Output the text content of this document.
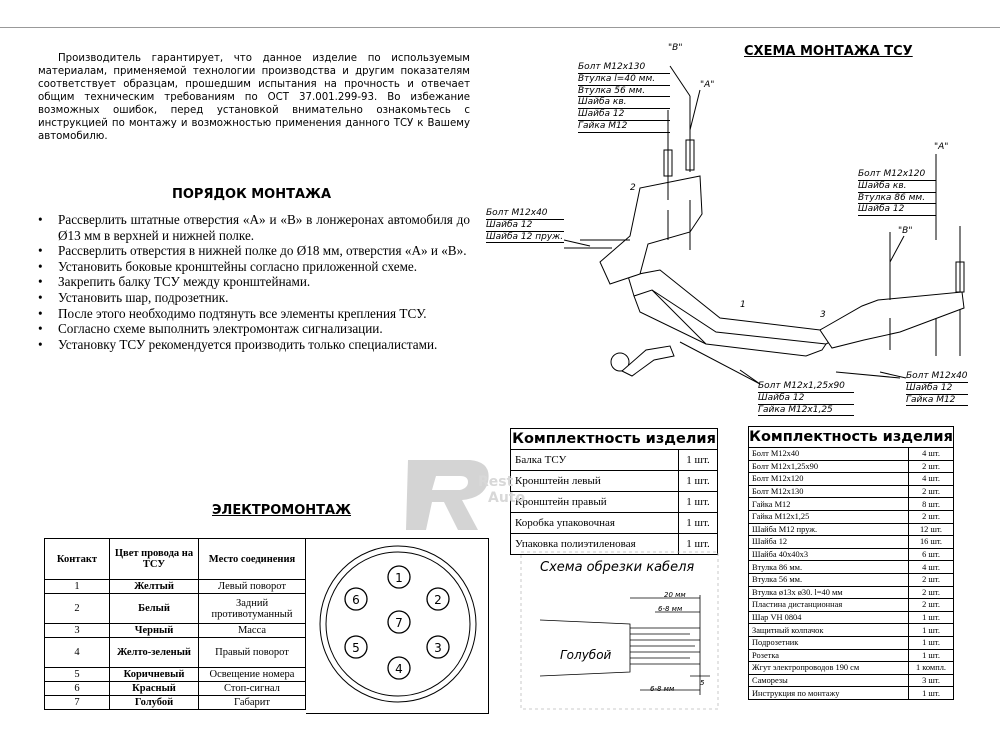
Производитель гарантирует, что данное изделие по используемым материалам, применяемой технологии производства и другим показателям соответствует образцам, прошедшим испытания на прочность и отвечает общим техническим требованиям по ОСТ 37.001.299-93. Во избежание возможных ошибок, перед установкой внимательно ознакомьтесь с инструкцией по монтажу и возможностью применения данного ТСУ к Вашему автомобилю.

ПОРЯДОК МОНТАЖА
• Рассверлить штатные отверстия «А» и «В» в лонжеронах автомобиля до Ø13 мм в верхней и нижней полке.
• Рассверлить отверстия в нижней полке до Ø18 мм, отверстия «А» и «В».
• Установить боковые кронштейны согласно приложенной схеме.
• Закрепить балку ТСУ между кронштейнами.
• Установить шар, подрозетник.
• После этого необходимо подтянуть все элементы крепления ТСУ.
• Согласно схеме выполнить электромонтаж сигнализации.
• Установку ТСУ рекомендуется производить только специалистами.
ЭЛЕКТРОМОНТАЖ
Контакт	Цвет провода на ТСУ	Место соединения
1	Желтый	Левый поворот
2	Белый	Задний противотуманный
3	Черный	Масса
4	Желто-зеленый	Правый поворот
5	Коричневый	Освещение номера
6	Красный	Стоп-сигнал
7	Голубой	Габарит
Комплектность изделия
Балка ТСУ	1 шт.
Кронштейн левый	1 шт.
Кронштейн правый	1 шт.
Коробка упаковочная	1 шт.
Упаковка полиэтиленовая	1 шт.
Комплектность изделия
Болт М12х40	4 шт.
Болт М12х1,25х90	2 шт.
Болт М12х120	4 шт.
Болт М12х130	2 шт.
Гайка М12	8 шт.
Гайка М12х1,25	2 шт.
Шайба М12 пруж.	12 шт.
Шайба 12	16 шт.
Шайба 40х40х3	6 шт.
Втулка 86 мм.	4 шт.
Втулка 56 мм.	2 шт.
Втулка ø13х ø30. l=40 мм	2 шт.
Пластина дистанционная	2 шт.
Шар VH 0804	1 шт.
Защитный колпачок	1 шт.
Подрозетник	1 шт.
Розетка	1 шт.
Жгут электропроводов 190 см	1 компл.
Саморезы	3 шт.
Инструкция по монтажу	1 шт.
СХЕМА МОНТАЖА ТСУ
"В"
Болт М12х130
Втулка l=40 мм.
Втулка 56 мм.
Шайба кв.
Шайба 12
Гайка М12
"А"
"А"
Болт М12х120
Шайба кв.
Втулка 86 мм.
Шайба 12
"В"
Болт М12х40
Шайба 12
Шайба 12 пруж.
Болт М12х1,25х90
Шайба 12
Гайка М12х1,25
Болт М12х40
Шайба 12
Гайка М12
2
1
3
Схема обрезки кабеля
20 мм
6-8 мм
6-8 мм
5
Голубой
Rest
Auto
1
2
3
4
5
6
7
